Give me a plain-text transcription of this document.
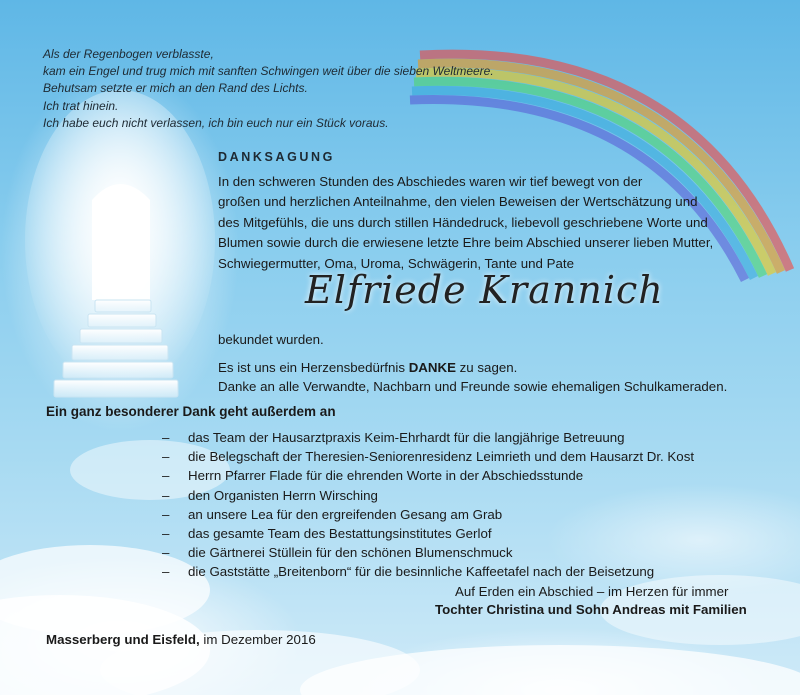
Als der Regenbogen verblasste,
kam ein Engel und trug mich mit sanften Schwingen weit über die sieben Weltmeere.
Behutsam setzte er mich an den Rand des Lichts.
Ich trat hinein.
Ich habe euch nicht verlassen, ich bin euch nur ein Stück voraus.
DANKSAGUNG
In den schweren Stunden des Abschiedes waren wir tief bewegt von der
großen und herzlichen Anteilnahme, den vielen Beweisen der Wertschätzung und
des Mitgefühls, die uns durch stillen Händedruck, liebevoll geschriebene Worte und
Blumen sowie durch die erwiesene letzte Ehre beim Abschied unserer lieben Mutter,
Schwiegermutter, Oma, Uroma, Schwägerin, Tante und Pate
Elfriede Krannich
bekundet wurden.
Es ist uns ein Herzensbedürfnis DANKE zu sagen.
Danke an alle Verwandte, Nachbarn und Freunde sowie ehemaligen Schulkameraden.
Ein ganz besonderer Dank geht außerdem an
–	das Team der Hausarztpraxis Keim-Ehrhardt für die langjährige Betreuung
–	die Belegschaft der Theresien-Seniorenresidenz Leimrieth und dem Hausarzt Dr. Kost
–	Herrn Pfarrer Flade für die ehrenden Worte in der Abschiedsstunde
–	den Organisten Herrn Wirsching
–	an unsere Lea für den ergreifenden Gesang am Grab
–	das gesamte Team des Bestattungsinstitutes Gerlof
–	die Gärtnerei Stüllein für den schönen Blumenschmuck
–	die Gaststätte „Breitenborn“ für die besinnliche Kaffeetafel nach der Beisetzung
Auf Erden ein Abschied – im Herzen für immer
Tochter Christina und Sohn Andreas mit Familien
Masserberg und Eisfeld, im Dezember 2016
